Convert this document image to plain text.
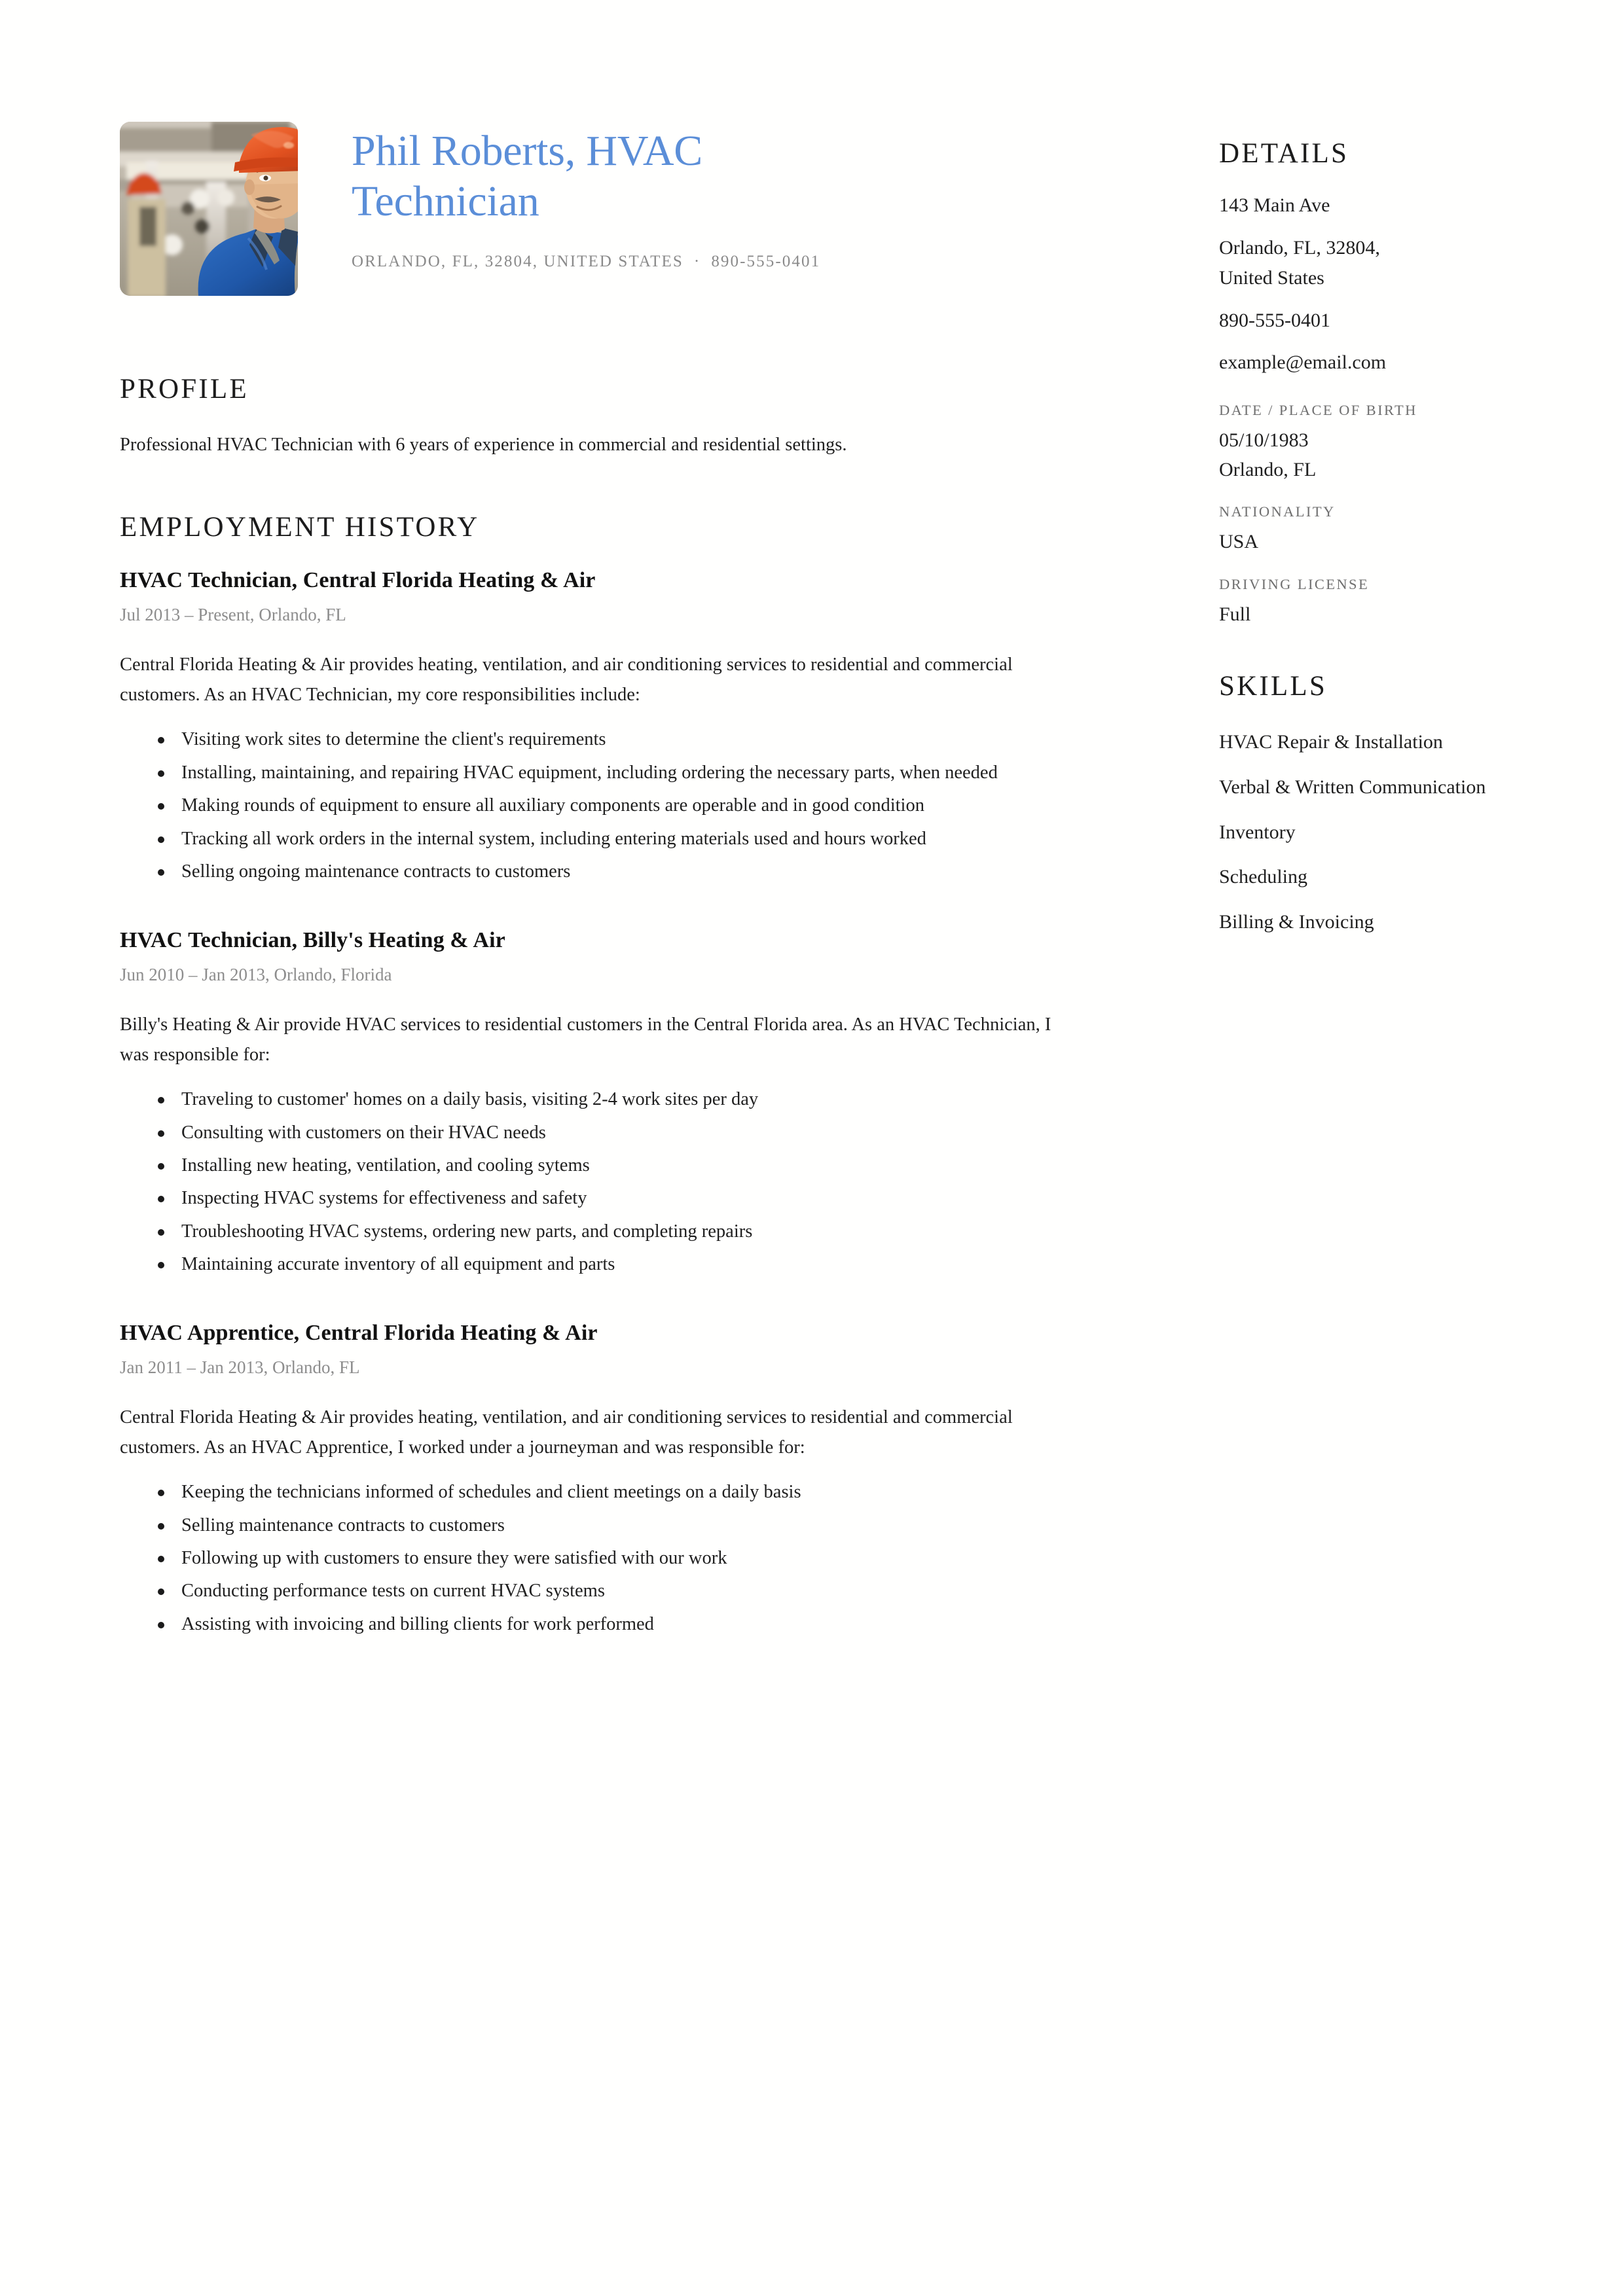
Phil Roberts, HVAC Technician
ORLANDO, FL, 32804, UNITED STATES · 890-555-0401
PROFILE

Professional HVAC Technician with 6 years of experience in commercial and residential settings.

EMPLOYMENT HISTORY
HVAC Technician, Central Florida Heating & Air
Jul 2013 – Present, Orlando, FL

Central Florida Heating & Air provides heating, ventilation, and air conditioning services to residential and commercial customers. As an HVAC Technician, my core responsibilities include:

Visiting work sites to determine the client's requirements
Installing, maintaining, and repairing HVAC equipment, including ordering the necessary parts, when needed
Making rounds of equipment to ensure all auxiliary components are operable and in good condition
Tracking all work orders in the internal system, including entering materials used and hours worked
Selling ongoing maintenance contracts to customers
HVAC Technician, Billy's Heating & Air
Jun 2010 – Jan 2013, Orlando, Florida

Billy's Heating & Air provide HVAC services to residential customers in the Central Florida area. As an HVAC Technician, I was responsible for:

Traveling to customer' homes on a daily basis, visiting 2-4 work sites per day
Consulting with customers on their HVAC needs
Installing new heating, ventilation, and cooling sytems
Inspecting HVAC systems for effectiveness and safety
Troubleshooting HVAC systems, ordering new parts, and completing repairs
Maintaining accurate inventory of all equipment and parts
HVAC Apprentice, Central Florida Heating & Air
Jan 2011 – Jan 2013, Orlando, FL

Central Florida Heating & Air provides heating, ventilation, and air conditioning services to residential and commercial customers. As an HVAC Apprentice, I worked under a journeyman and was responsible for:

Keeping the technicians informed of schedules and client meetings on a daily basis
Selling maintenance contracts to customers
Following up with customers to ensure they were satisfied with our work
Conducting performance tests on current HVAC systems
Assisting with invoicing and billing clients for work performed
DETAILS

143 Main Ave

Orlando, FL, 32804,

United States

890-555-0401

example@email.com

DATE / PLACE OF BIRTH

05/10/1983

Orlando, FL

NATIONALITY

USA

DRIVING LICENSE

Full

SKILLS

HVAC Repair & Installation

Verbal & Written Communication

Inventory

Scheduling

Billing & Invoicing
